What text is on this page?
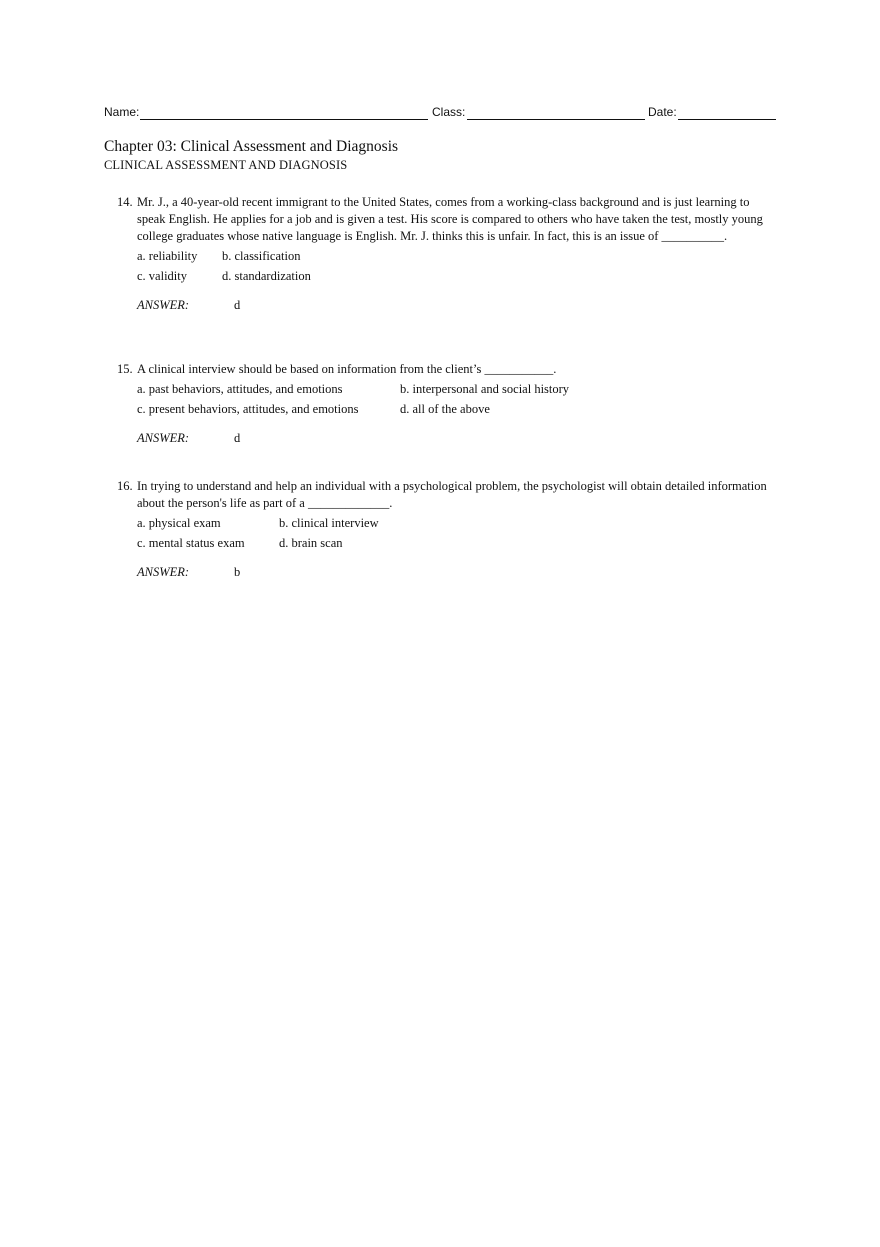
Name:	Class:	Date:
Chapter 03: Clinical Assessment and Diagnosis
CLINICAL ASSESSMENT AND DIAGNOSIS
14. Mr. J., a 40-year-old recent immigrant to the United States, comes from a working-class background and is just learning to speak English. He applies for a job and is given a test. His score is compared to others who have taken the test, mostly young college graduates whose native language is English. Mr. J. thinks this is unfair. In fact, this is an issue of __________.
a. reliability	b. classification
c. validity	d. standardization
ANSWER:	d
15. A clinical interview should be based on information from the client’s ___________.
a. past behaviors, attitudes, and emotions	b. interpersonal and social history
c. present behaviors, attitudes, and emotions	d. all of the above
ANSWER:	d
16. In trying to understand and help an individual with a psychological problem, the psychologist will obtain detailed information about the person's life as part of a _____________.
a. physical exam	b. clinical interview
c. mental status exam	d. brain scan
ANSWER:	b
